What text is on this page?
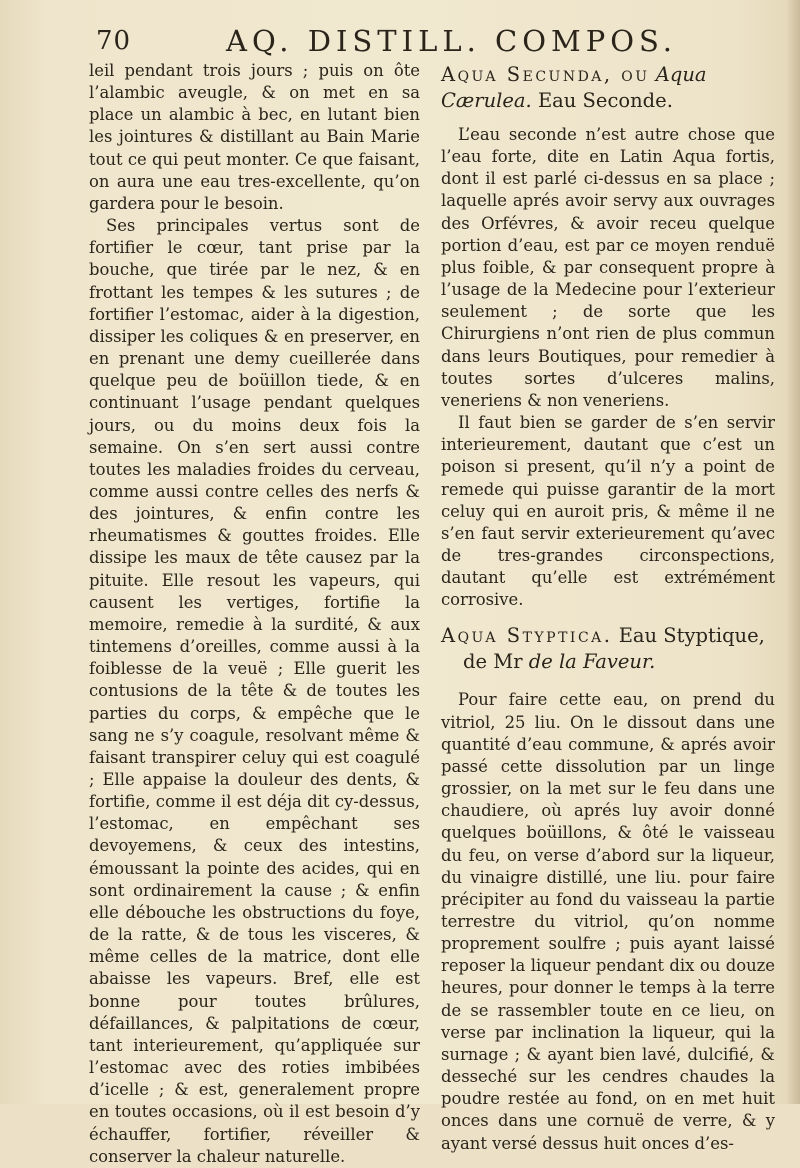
70	AQ. DISTILL. COMPOS.

leil pendant trois jours ; puis on ôte l’alambic aveugle, & on met en sa place un alambic à bec, en lutant bien les jointures & distillant au Bain Marie tout ce qui peut monter. Ce que faisant, on aura une eau tres-excellente, qu’on gardera pour le besoin.

Ses principales vertus sont de fortifier le cœur, tant prise par la bouche, que tirée par le nez, & en frottant les tempes & les sutures ; de fortifier l’estomac, aider à la digestion, dissiper les coliques & en preserver, en en prenant une demy cueillerée dans quelque peu de boüillon tiede, & en continuant l’usage pendant quelques jours, ou du moins deux fois la semaine. On s’en sert aussi contre toutes les maladies froides du cerveau, comme aussi contre celles des nerfs & des jointures, & enfin contre les rheumatismes & gouttes froides. Elle dissipe les maux de tête causez par la pituite. Elle resout les vapeurs, qui causent les vertiges, fortifie la memoire, remedie à la surdité, & aux tintemens d’oreilles, comme aussi à la foiblesse de la veuë ; Elle guerit les contusions de la tête & de toutes les parties du corps, & empêche que le sang ne s’y coagule, resolvant même & faisant transpirer celuy qui est coagulé ; Elle appaise la douleur des dents, & fortifie, comme il est déja dit cy-dessus, l’estomac, en empêchant ses devoyemens, & ceux des intestins, émoussant la pointe des acides, qui en sont ordinairement la cause ; & enfin elle débouche les obstructions du foye, de la ratte, & de tous les visceres, & même celles de la matrice, dont elle abaisse les vapeurs. Bref, elle est bonne pour toutes brûlures, défaillances, & palpitations de cœur, tant interieurement, qu’appliquée sur l’estomac avec des roties imbibées d’icelle ; & est, generalement propre en toutes occasions, où il est besoin d’y échauffer, fortifier, réveiller & conserver la chaleur naturelle.

Aqua Secunda, ou Aqua Cærulea. Eau Seconde.

L’eau seconde n’est autre chose que l’eau forte, dite en Latin Aqua fortis, dont il est parlé ci-dessus en sa place ; laquelle aprés avoir servy aux ouvrages des Orfévres, & avoir receu quelque portion d’eau, est par ce moyen renduë plus foible, & par consequent propre à l’usage de la Medecine pour l’exterieur seulement ; de sorte que les Chirurgiens n’ont rien de plus commun dans leurs Boutiques, pour remedier à toutes sortes d’ulceres malins, veneriens & non veneriens.

Il faut bien se garder de s’en servir interieurement, dautant que c’est un poison si present, qu’il n’y a point de remede qui puisse garantir de la mort celuy qui en auroit pris, & même il ne s’en faut servir exterieurement qu’avec de tres-grandes circonspections, dautant qu’elle est extrémément corrosive.

Aqua Styptica. Eau Styptique,
de Mr de la Faveur.

Pour faire cette eau, on prend du vitriol, 25 liu. On le dissout dans une quantité d’eau commune, & aprés avoir passé cette dissolution par un linge grossier, on la met sur le feu dans une chaudiere, où aprés luy avoir donné quelques boüillons, & ôté le vaisseau du feu, on verse d’abord sur la liqueur, du vinaigre distillé, une liu. pour faire précipiter au fond du vaisseau la partie terrestre du vitriol, qu’on nomme proprement soulfre ; puis ayant laissé reposer la liqueur pendant dix ou douze heures, pour donner le temps à la terre de se rassembler toute en ce lieu, on verse par inclination la liqueur, qui la surnage ; & ayant bien lavé, dulcifié, & desseché sur les cendres chaudes la poudre restée au fond, on en met huit onces dans une cornuë de verre, & y ayant versé dessus huit onces d’es-
